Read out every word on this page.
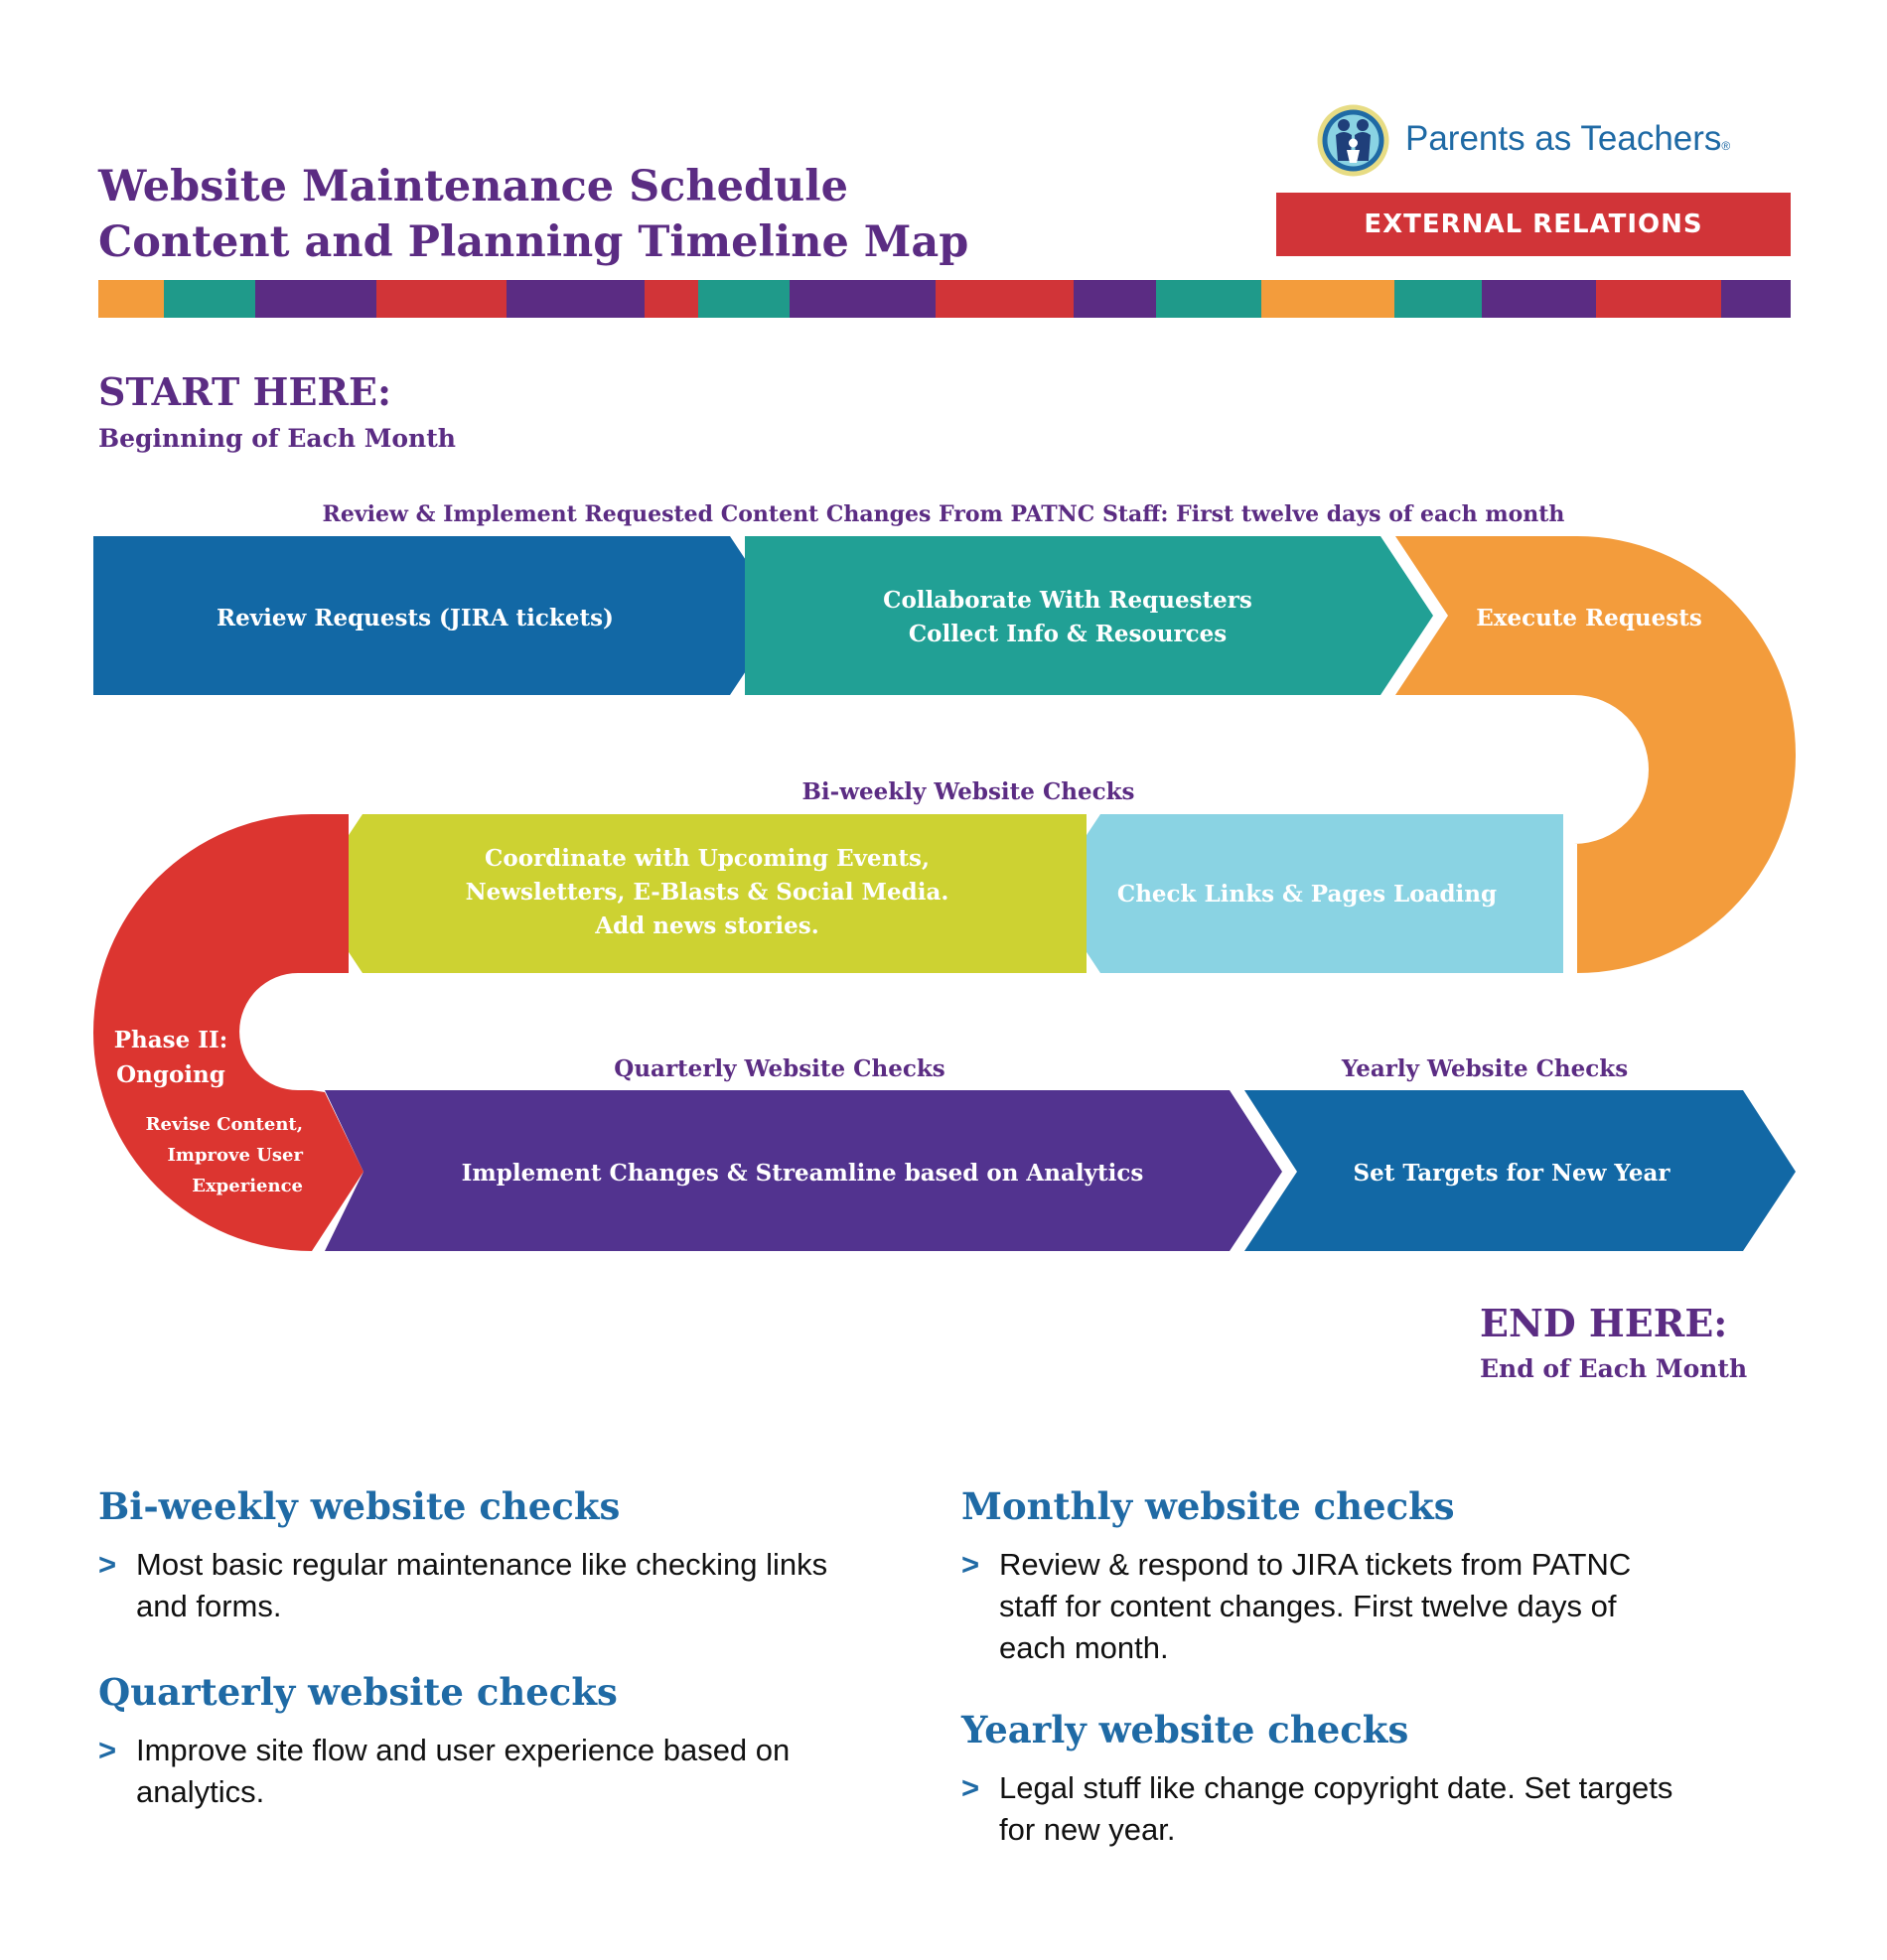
Website Maintenance Schedule
Content and Planning Timeline Map
Parents as Teachers®
EXTERNAL RELATIONS
START HERE:
Beginning of Each Month
Review & Implement Requested Content Changes From PATNC Staff: First twelve days of each month
Bi-weekly Website Checks
Quarterly Website Checks	Yearly Website Checks
Review Requests (JIRA tickets)
Collaborate With Requesters
Collect Info & Resources
Execute Requests
Check Links & Pages Loading
Coordinate with Upcoming Events,
Newsletters, E-Blasts & Social Media.
Add news stories.
Phase II:
Ongoing
Revise Content,
Improve User
Experience	Implement Changes & Streamline based on Analytics	Set Targets for New Year
END HERE:
End of Each Month
Bi-weekly website checks
> Most basic regular maintenance like checking links
and forms.
Quarterly website checks
> Improve site flow and user experience based on
analytics.
Monthly website checks
> Review & respond to JIRA tickets from PATNC
staff for content changes. First twelve days of
each month.
Yearly website checks
> Legal stuff like change copyright date. Set targets
for new year.
